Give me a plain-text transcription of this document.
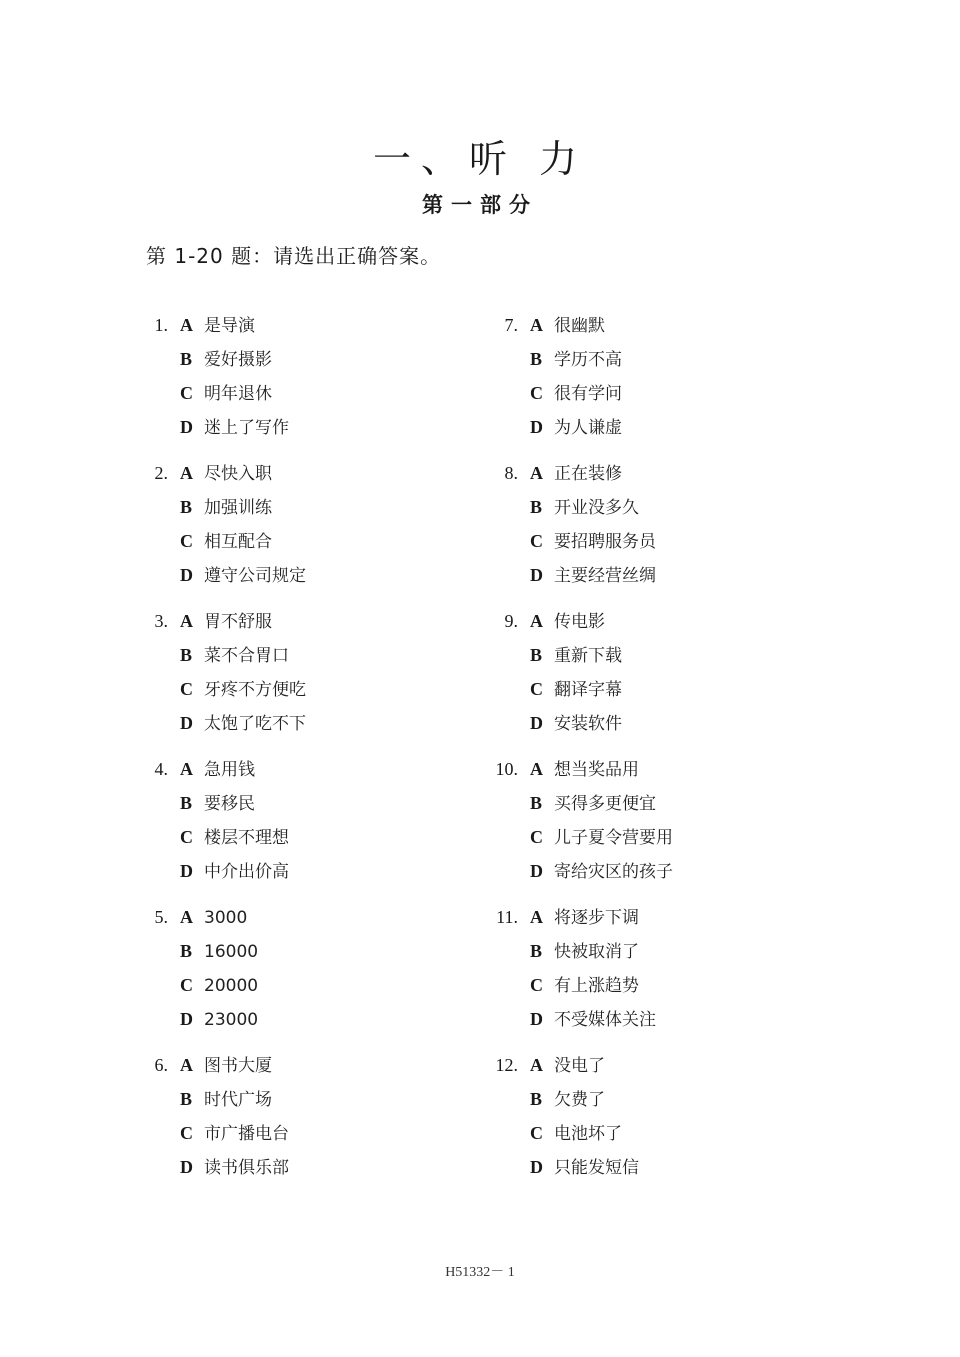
一、听 力
第一部分
第 1-20 题：请选出正确答案。
1. A 是导演
B 爱好摄影
C 明年退休
D 迷上了写作
2. A 尽快入职
B 加强训练
C 相互配合
D 遵守公司规定
3. A 胃不舒服
B 菜不合胃口
C 牙疼不方便吃
D 太饱了吃不下
4. A 急用钱
B 要移民
C 楼层不理想
D 中介出价高
5. A 3000
B 16000
C 20000
D 23000
6. A 图书大厦
B 时代广场
C 市广播电台
D 读书俱乐部
7. A 很幽默
B 学历不高
C 很有学问
D 为人谦虚
8. A 正在装修
B 开业没多久
C 要招聘服务员
D 主要经营丝绸
9. A 传电影
B 重新下载
C 翻译字幕
D 安装软件
10. A 想当奖品用
B 买得多更便宜
C 儿子夏令营要用
D 寄给灾区的孩子
11. A 将逐步下调
B 快被取消了
C 有上涨趋势
D 不受媒体关注
12. A 没电了
B 欠费了
C 电池坏了
D 只能发短信
H51332－ 1
